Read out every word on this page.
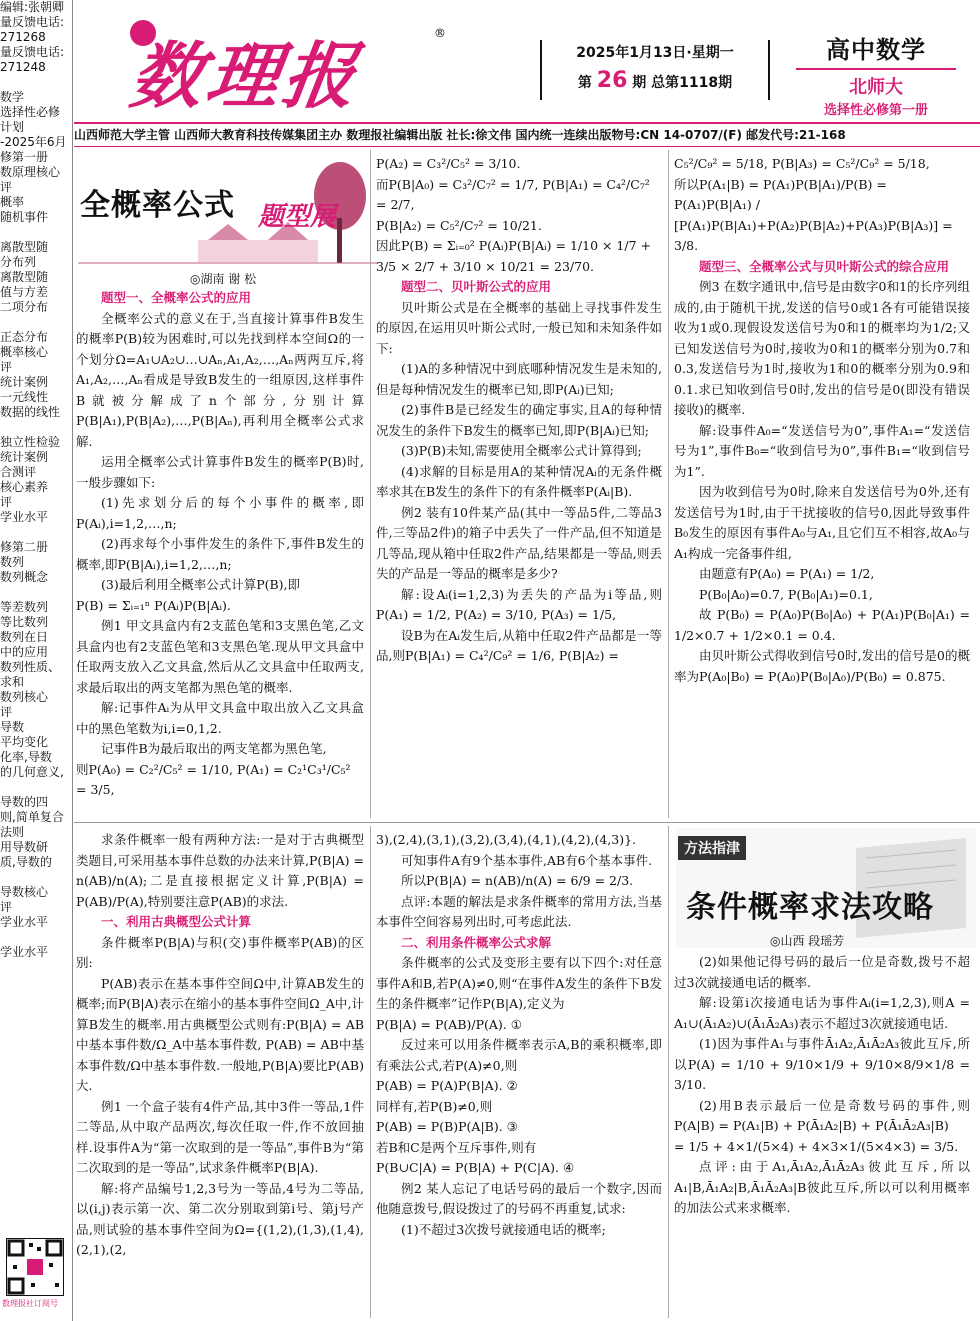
编辑:张朝卿
量反馈电话:
271268
量反馈电话:
271248

数学
选择性必修
计划
-2025年6月
修第一册
数原理核心
评
概率
随机事件

离散型随
分布列
离散型随
值与方差
二项分布

正态分布
概率核心
评
统计案例
一元线性
数据的线性

独立性检验
统计案例
合测评
核心素养
评
学业水平

修第二册
数列
数列概念

等差数列
等比数列
数列在日
中的应用
数列性质、
求和
数列核心
评
导数
平均变化
化率,导数
的几何意义,

导数的四
则,简单复合
法则
用导数研
质,导数的

导数核心
评
学业水平

学业水平
数理报	®
2025年1月13日·星期一
第 26 期 总第1118期
高中数学
北师大
选择性必修第一册
山西师范大学主管 山西师大教育科技传媒集团主办 数理报社编辑出版 社长:徐文伟 国内统一连续出版物号:CN 14-0707/(F) 邮发代号:21-168
全概率公式 题型展
◎湖南 谢 松

题型一、全概率公式的应用

全概率公式的意义在于,当直接计算事件B发生的概率P(B)较为困难时,可以先找到样本空间Ω的一个划分Ω=A₁∪A₂∪…∪Aₙ,A₁,A₂,…,Aₙ两两互斥,将A₁,A₂,…,Aₙ看成是导致B发生的一组原因,这样事件B就被分解成了n个部分,分别计算P(B|A₁),P(B|A₂),…,P(B|Aₙ),再利用全概率公式求解.

运用全概率公式计算事件B发生的概率P(B)时,一般步骤如下:

(1)先求划分后的每个小事件的概率,即P(Aᵢ),i=1,2,…,n;

(2)再求每个小事件发生的条件下,事件B发生的概率,即P(B|Aᵢ),i=1,2,…,n;

(3)最后利用全概率公式计算P(B),即

P(B) = Σᵢ₌₁ⁿ P(Aᵢ)P(B|Aᵢ).

例1 甲文具盒内有2支蓝色笔和3支黑色笔,乙文具盒内也有2支蓝色笔和3支黑色笔.现从甲文具盒中任取两支放入乙文具盒,然后从乙文具盒中任取两支,求最后取出的两支笔都为黑色笔的概率.

解:记事件Aᵢ为从甲文具盒中取出放入乙文具盒中的黑色笔数为i,i=0,1,2.

记事件B为最后取出的两支笔都为黑色笔,

则P(A₀) = C₂²/C₅² = 1/10, P(A₁) = C₂¹C₃¹/C₅² = 3/5,

P(A₂) = C₃²/C₅² = 3/10.

而P(B|A₀) = C₃²/C₇² = 1/7, P(B|A₁) = C₄²/C₇² = 2/7,

P(B|A₂) = C₅²/C₇² = 10/21.

因此P(B) = Σᵢ₌₀² P(Aᵢ)P(B|Aᵢ) = 1/10 × 1/7 + 3/5 × 2/7 + 3/10 × 10/21 = 23/70.

题型二、贝叶斯公式的应用

贝叶斯公式是在全概率的基础上寻找事件发生的原因,在运用贝叶斯公式时,一般已知和未知条件如下:

(1)A的多种情况中到底哪种情况发生是未知的,但是每种情况发生的概率已知,即P(Aᵢ)已知;

(2)事件B是已经发生的确定事实,且A的每种情况发生的条件下B发生的概率已知,即P(B|Aᵢ)已知;

(3)P(B)未知,需要使用全概率公式计算得到;

(4)求解的目标是用A的某种情况Aᵢ的无条件概率求其在B发生的条件下的有条件概率P(Aᵢ|B).

例2 装有10件某产品(其中一等品5件,二等品3件,三等品2件)的箱子中丢失了一件产品,但不知道是几等品,现从箱中任取2件产品,结果都是一等品,则丢失的产品是一等品的概率是多少?

解:设Aᵢ(i=1,2,3)为丢失的产品为i等品,则P(A₁) = 1/2, P(A₂) = 3/10, P(A₃) = 1/5,

设B为在Aᵢ发生后,从箱中任取2件产品都是一等品,则P(B|A₁) = C₄²/C₉² = 1/6, P(B|A₂) =

C₅²/C₉² = 5/18, P(B|A₃) = C₅²/C₉² = 5/18,

所以P(A₁|B) = P(A₁)P(B|A₁)/P(B) =

P(A₁)P(B|A₁) / [P(A₁)P(B|A₁)+P(A₂)P(B|A₂)+P(A₃)P(B|A₃)] = 3/8.

题型三、全概率公式与贝叶斯公式的综合应用

例3 在数字通讯中,信号是由数字0和1的长序列组成的,由于随机干扰,发送的信号0或1各有可能错误接收为1或0.现假设发送信号为0和1的概率均为1/2;又已知发送信号为0时,接收为0和1的概率分别为0.7和0.3,发送信号为1时,接收为1和0的概率分别为0.9和0.1.求已知收到信号0时,发出的信号是0(即没有错误接收)的概率.

解:设事件A₀=“发送信号为0”,事件A₁=“发送信号为1”,事件B₀=“收到信号为0”,事件B₁=“收到信号为1”.

因为收到信号为0时,除来自发送信号为0外,还有发送信号为1时,由于干扰接收的信号0,因此导致事件B₀发生的原因有事件A₀与A₁,且它们互不相容,故A₀与A₁构成一完备事件组,

由题意有P(A₀) = P(A₁) = 1/2,

P(B₀|A₀)=0.7, P(B₀|A₁)=0.1,

故 P(B₀) = P(A₀)P(B₀|A₀) + P(A₁)P(B₀|A₁) = 1/2×0.7 + 1/2×0.1 = 0.4.

由贝叶斯公式得收到信号0时,发出的信号是0的概率为P(A₀|B₀) = P(A₀)P(B₀|A₀)/P(B₀) = 0.875.

方法指津
条件概率求法攻略
◎山西 段瑶芳

求条件概率一般有两种方法:一是对于古典概型类题目,可采用基本事件总数的办法来计算,P(B|A) = n(AB)/n(A);二是直接根据定义计算,P(B|A) = P(AB)/P(A),特别要注意P(AB)的求法.

一、利用古典概型公式计算

条件概率P(B|A)与积(交)事件概率P(AB)的区别:

P(AB)表示在基本事件空间Ω中,计算AB发生的概率;而P(B|A)表示在缩小的基本事件空间Ω_A中,计算B发生的概率.用古典概型公式则有:P(B|A) = AB中基本事件数/Ω_A中基本事件数, P(AB) = AB中基本事件数/Ω中基本事件数.一般地,P(B|A)要比P(AB)大.

例1 一个盒子装有4件产品,其中3件一等品,1件二等品,从中取产品两次,每次任取一件,作不放回抽样.设事件A为“第一次取到的是一等品”,事件B为“第二次取到的是一等品”,试求条件概率P(B|A).

解:将产品编号1,2,3号为一等品,4号为二等品,以(i,j)表示第一次、第二次分别取到第i号、第j号产品,则试验的基本事件空间为Ω={(1,2),(1,3),(1,4),(2,1),(2,

3),(2,4),(3,1),(3,2),(3,4),(4,1),(4,2),(4,3)}.

可知事件A有9个基本事件,AB有6个基本事件.

所以P(B|A) = n(AB)/n(A) = 6/9 = 2/3.

点评:本题的解法是求条件概率的常用方法,当基本事件空间容易列出时,可考虑此法.

二、利用条件概率公式求解

条件概率的公式及变形主要有以下四个:对任意事件A和B,若P(A)≠0,则“在事件A发生的条件下B发生的条件概率”记作P(B|A),定义为

P(B|A) = P(AB)/P(A). ①

反过来可以用条件概率表示A,B的乘积概率,即有乘法公式,若P(A)≠0,则

P(AB) = P(A)P(B|A). ②

同样有,若P(B)≠0,则

P(AB) = P(B)P(A|B). ③

若B和C是两个互斥事件,则有

P(B∪C|A) = P(B|A) + P(C|A). ④

例2 某人忘记了电话号码的最后一个数字,因而他随意拨号,假设拨过了的号码不再重复,试求:

(1)不超过3次拨号就接通电话的概率;

(2)如果他记得号码的最后一位是奇数,拨号不超过3次就接通电话的概率.

解:设第i次接通电话为事件Aᵢ(i=1,2,3),则A = A₁∪(Ā₁A₂)∪(Ā₁Ā₂A₃)表示不超过3次就接通电话.

(1)因为事件A₁与事件Ā₁A₂,Ā₁Ā₂A₃彼此互斥,所以P(A) = 1/10 + 9/10×1/9 + 9/10×8/9×1/8 = 3/10.

(2)用B表示最后一位是奇数号码的事件,则P(A|B) = P(A₁|B) + P(Ā₁A₂|B) + P(Ā₁Ā₂A₃|B)

= 1/5 + 4×1/(5×4) + 4×3×1/(5×4×3) = 3/5.

点评:由于A₁,Ā₁A₂,Ā₁Ā₂A₃彼此互斥,所以A₁|B,Ā₁A₂|B,Ā₁Ā₂A₃|B彼此互斥,所以可以利用概率的加法公式来求概率.

数理报社订阅号
